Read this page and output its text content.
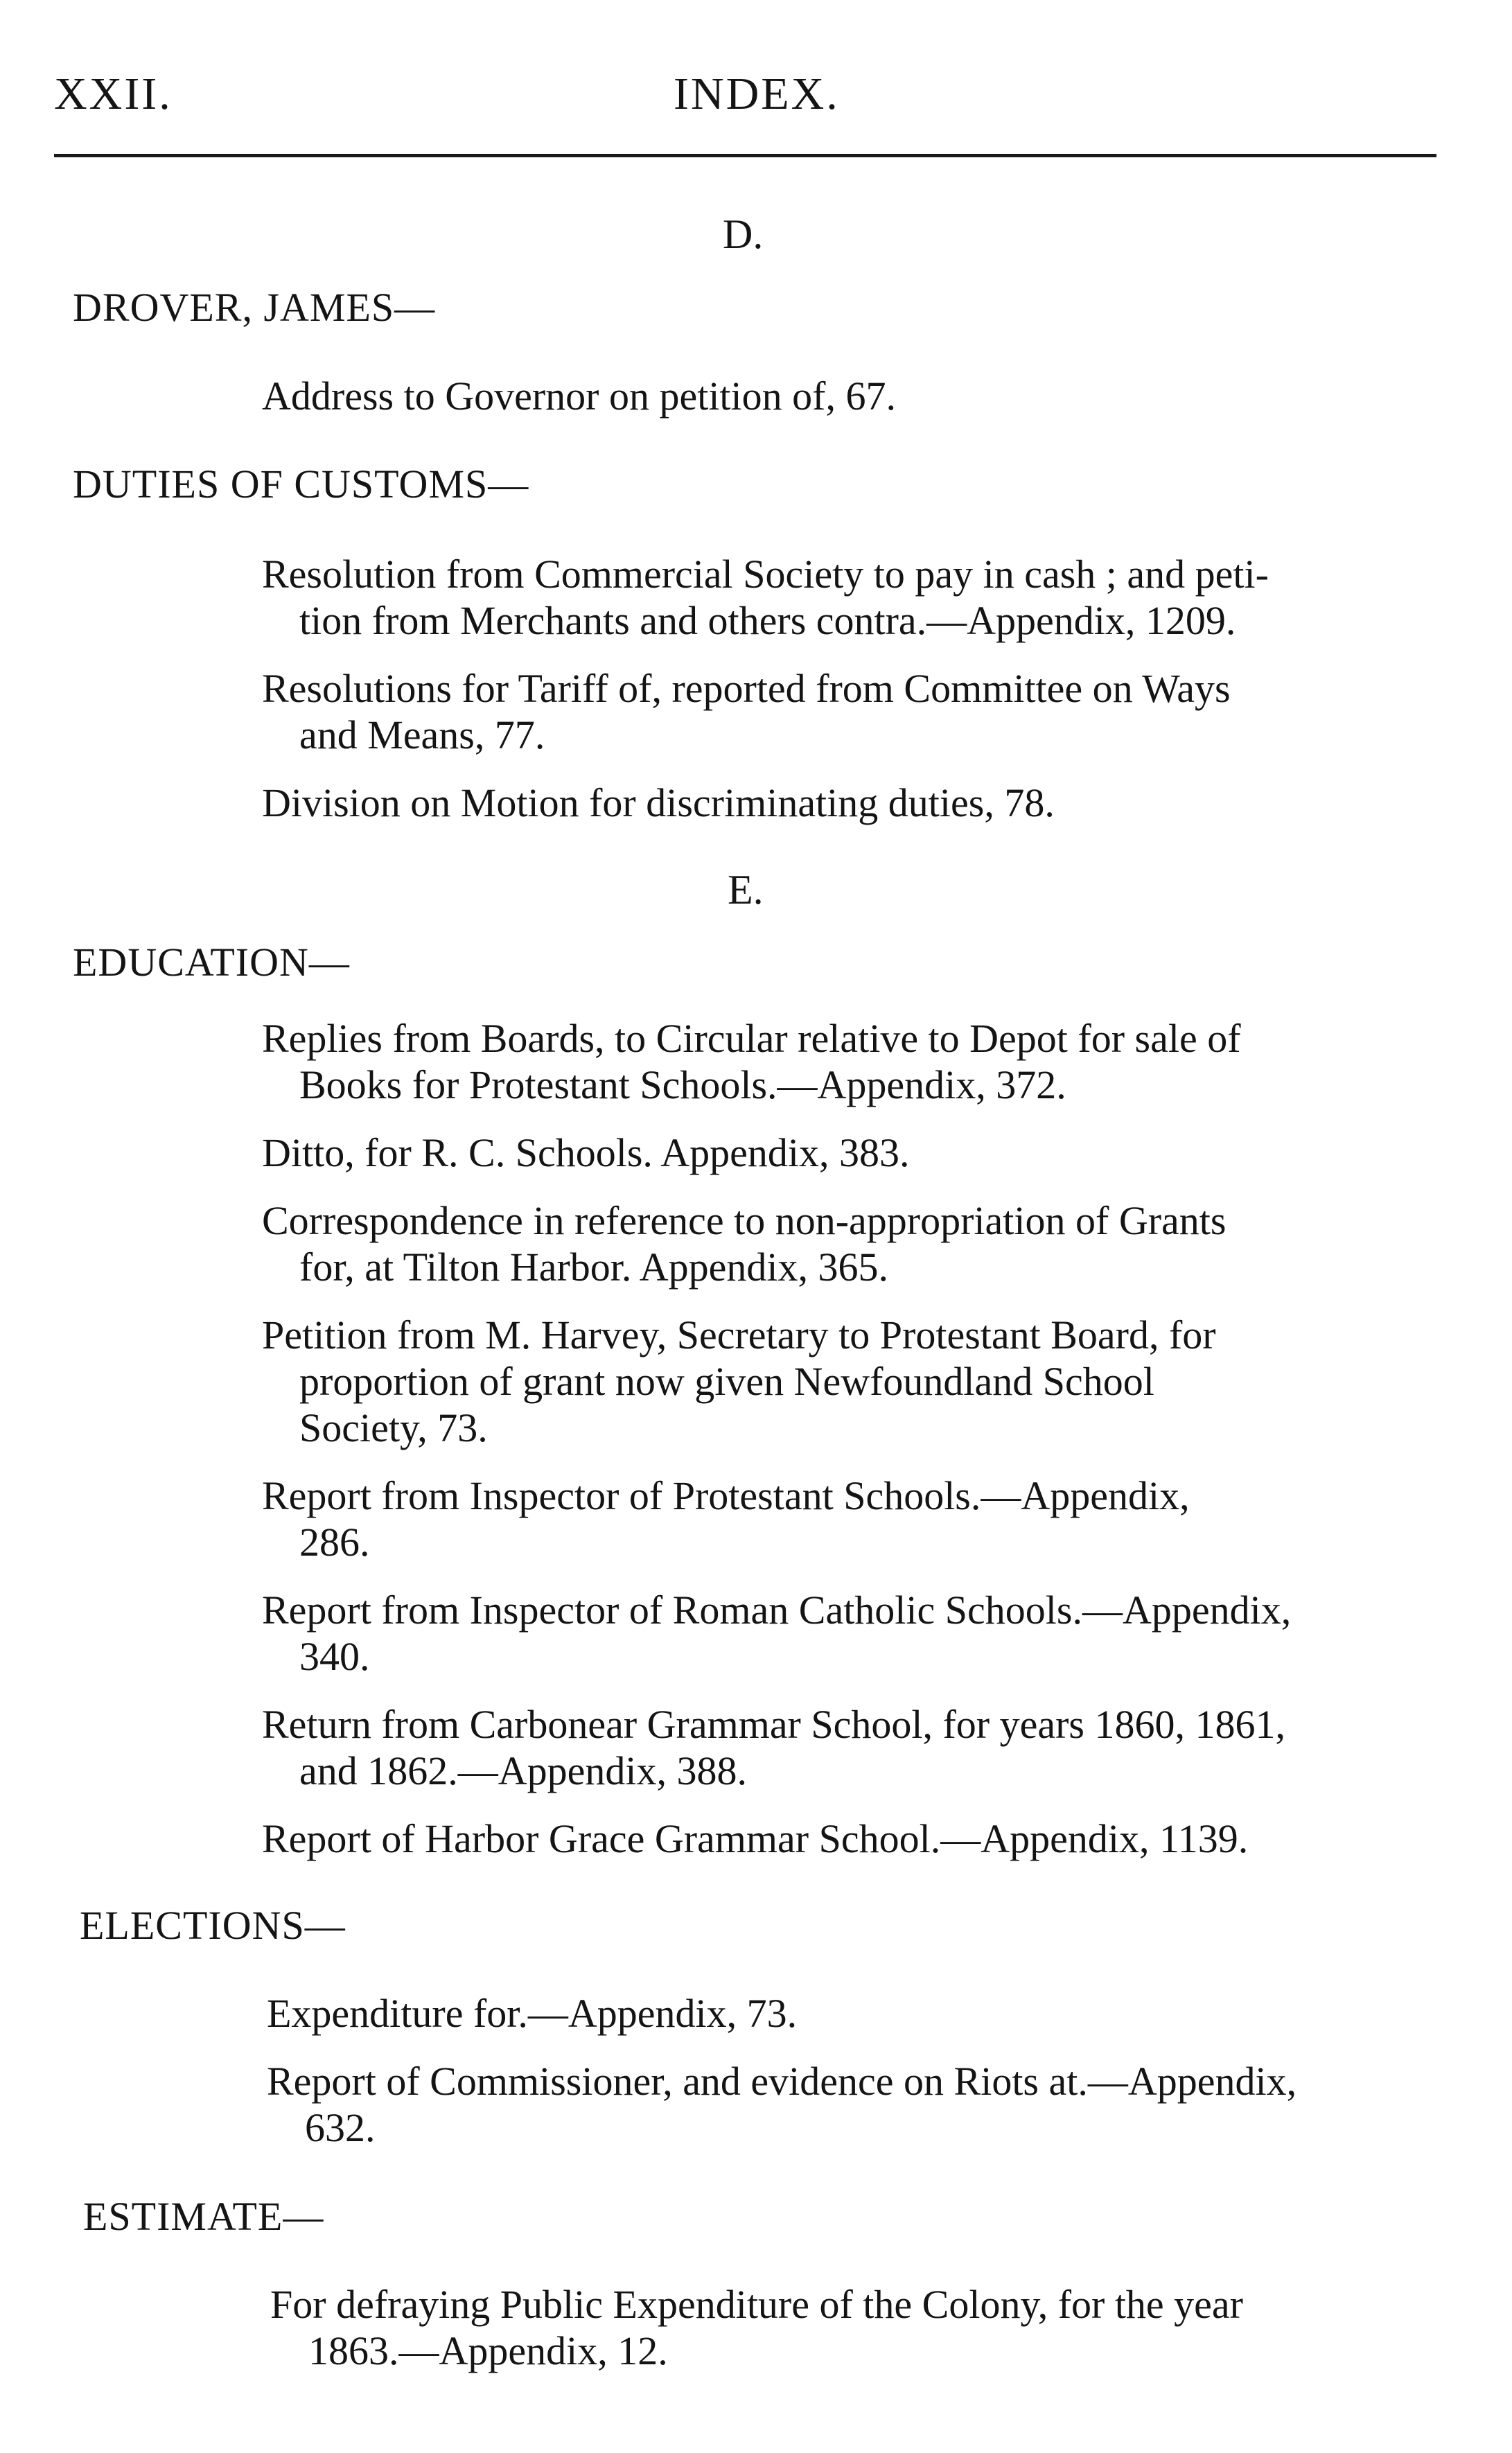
XXII.	INDEX.
D.
DROVER, JAMES—
Address to Governor on petition of, 67.
DUTIES OF CUSTOMS—
Resolution from Commercial Society to pay in cash ; and peti-
tion from Merchants and others contra.—Appendix, 1209.
Resolutions for Tariff of, reported from Committee on Ways
and Means, 77.
Division on Motion for discriminating duties, 78.
E.
EDUCATION—
Replies from Boards, to Circular relative to Depot for sale of
Books for Protestant Schools.—Appendix, 372.
Ditto, for R. C. Schools. Appendix, 383.
Correspondence in reference to non-appropriation of Grants
for, at Tilton Harbor. Appendix, 365.
Petition from M. Harvey, Secretary to Protestant Board, for
proportion of grant now given Newfoundland School
Society, 73.
Report from Inspector of Protestant Schools.—Appendix,
286.
Report from Inspector of Roman Catholic Schools.—Appendix,
340.
Return from Carbonear Grammar School, for years 1860, 1861,
and 1862.—Appendix, 388.
Report of Harbor Grace Grammar School.—Appendix, 1139.
ELECTIONS—
Expenditure for.—Appendix, 73.
Report of Commissioner, and evidence on Riots at.—Appendix,
632.
ESTIMATE—
For defraying Public Expenditure of the Colony, for the year
1863.—Appendix, 12.
